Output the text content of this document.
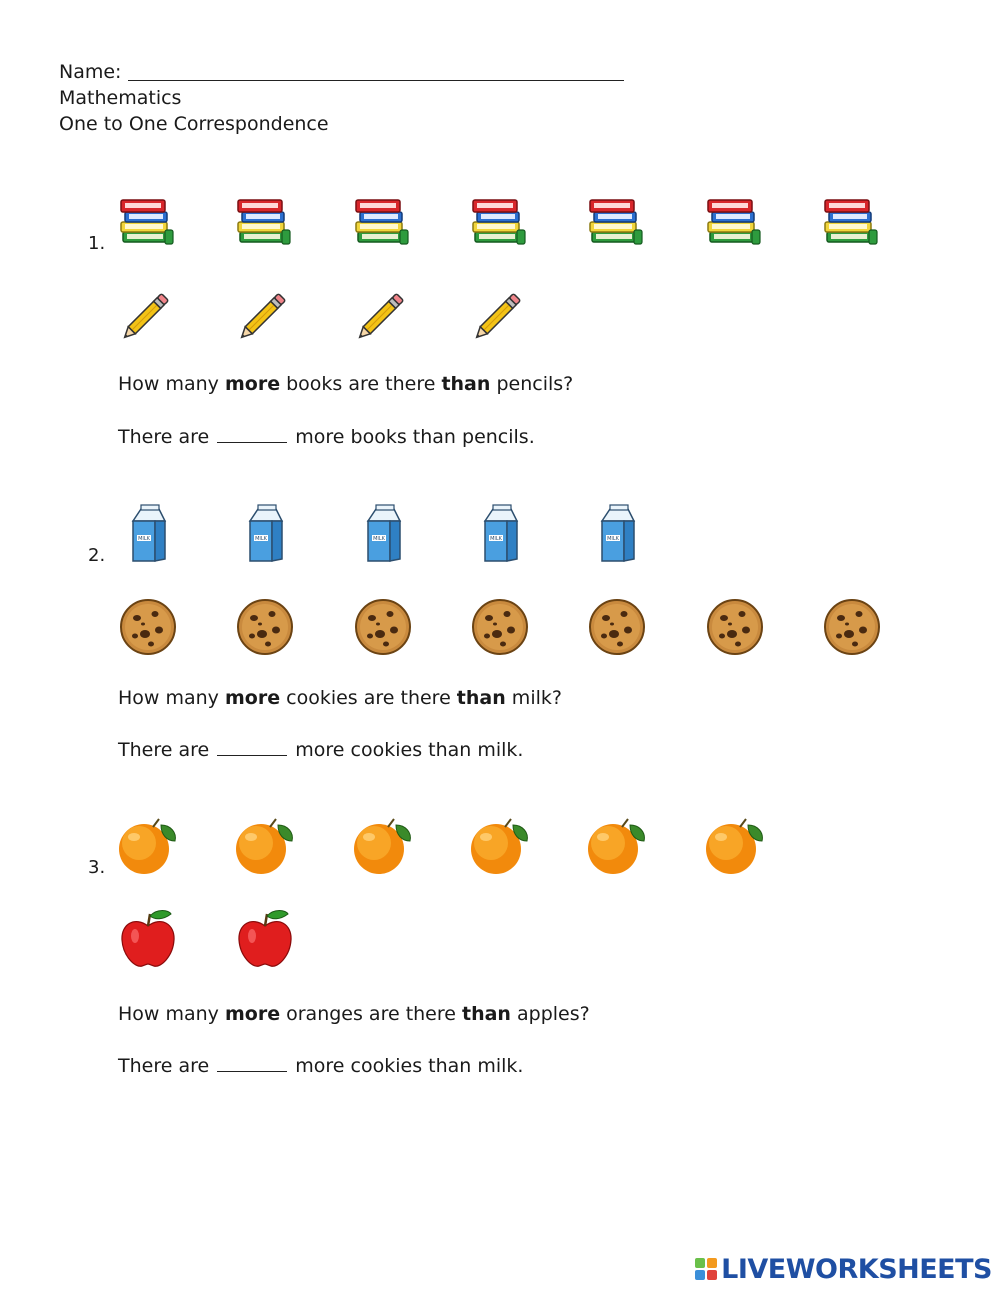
Name:
Mathematics
One to One Correspondence
1.
How many more books are there than pencils?
There are	more books than pencils.
2.
MILK	MILK	MILK	MILK	MILK
How many more cookies are there than milk?
There are	more cookies than milk.
3.
How many more oranges are there than apples?
There are	more cookies than milk.
LIVEWORKSHEETS
